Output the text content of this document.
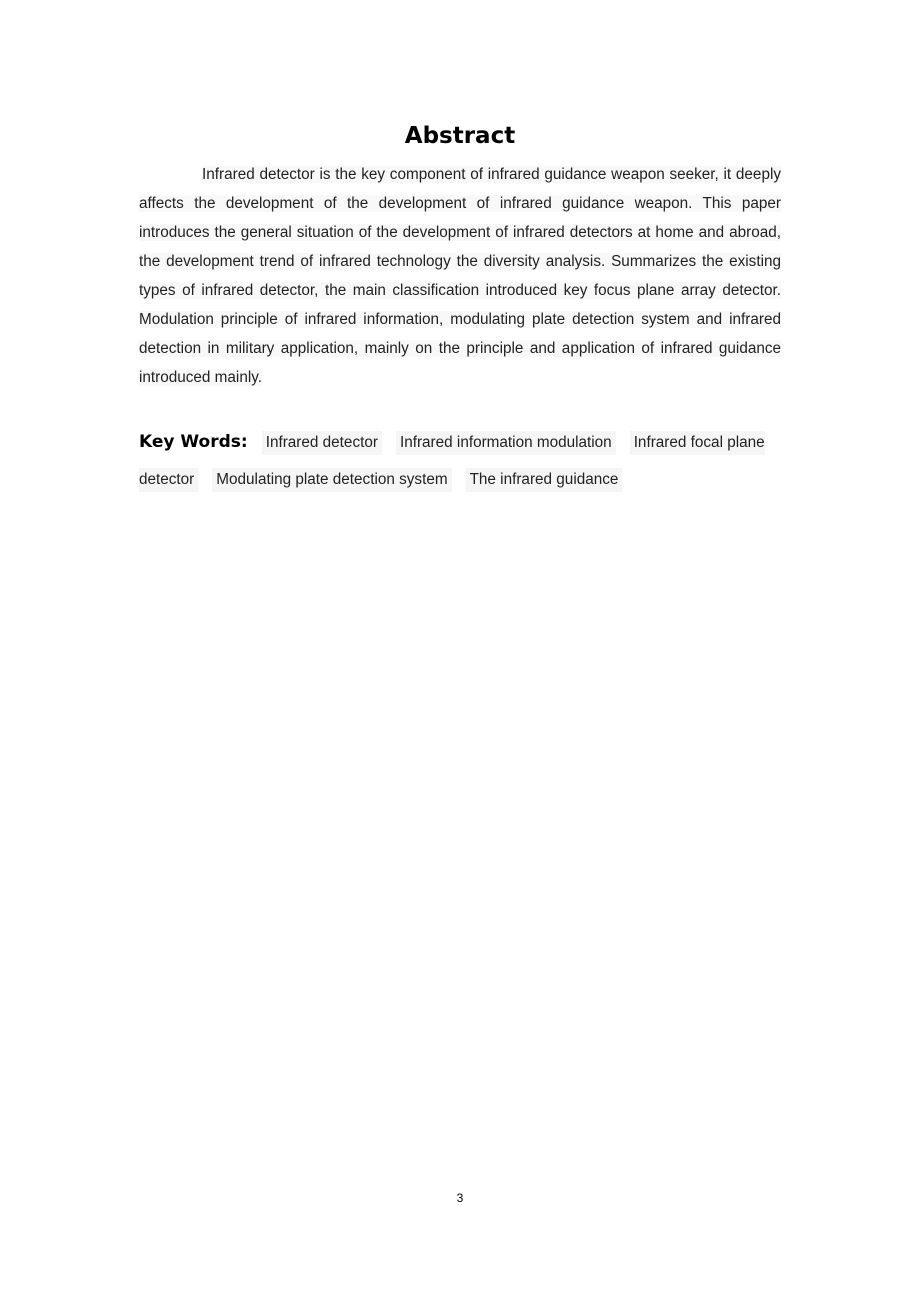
Abstract

Infrared detector is the key component of infrared guidance weapon seeker, it deeply affects the development of the development of infrared guidance weapon. This paper introduces the general situation of the development of infrared detectors at home and abroad, the development trend of infrared technology the diversity analysis. Summarizes the existing types of infrared detector, the main classification introduced key focus plane array detector. Modulation principle of infrared information, modulating plate detection system and infrared detection in military application, mainly on the principle and application of infrared guidance introduced mainly.

Key Words: Infrared detector Infrared information modulation Infrared focal plane detector Modulating plate detection system The infrared guidance

3
